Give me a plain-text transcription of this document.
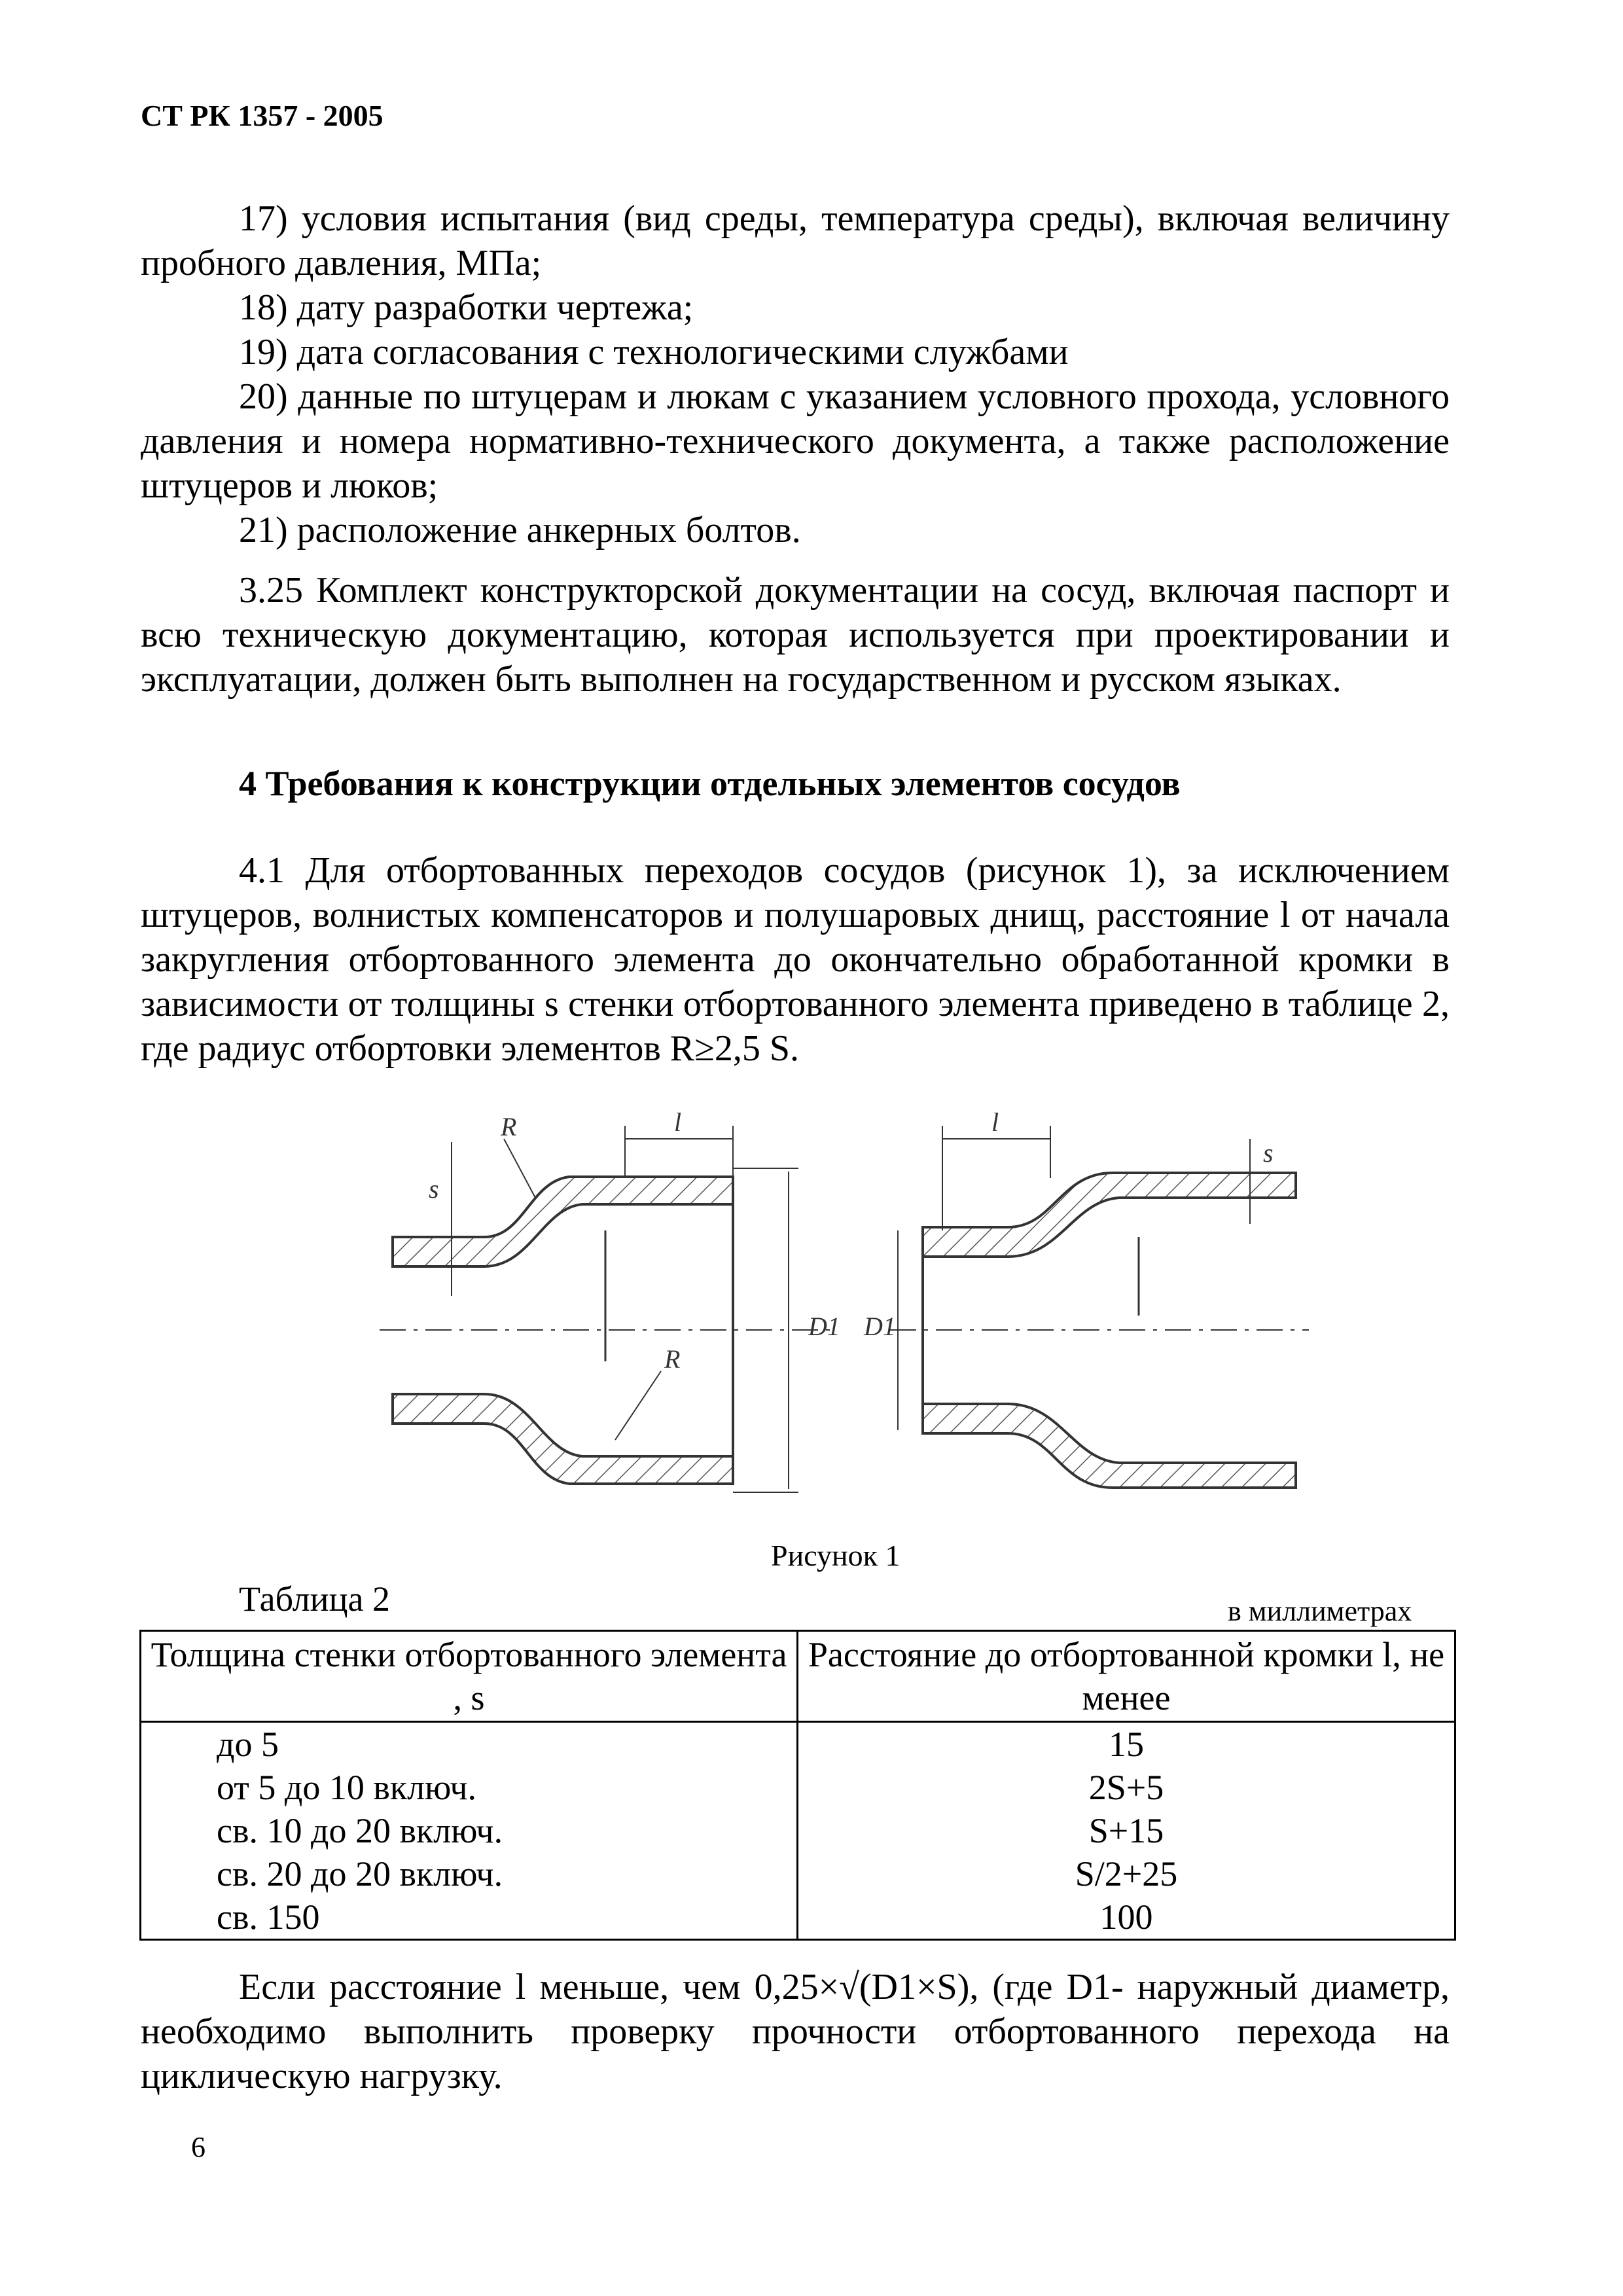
СТ РК 1357 - 2005

17) условия испытания (вид среды, температура среды), включая величину пробного давления, МПа;

18) дату разработки чертежа;
19) дата согласования с технологическими службами

20) данные по штуцерам и люкам с указанием условного прохода, условного давления и номера нормативно-технического документа, а также расположение штуцеров и люков;

21) расположение анкерных болтов.

3.25 Комплект конструкторской документации на сосуд, включая паспорт и всю техническую документацию, которая используется при проектировании и эксплуатации, должен быть выполнен на государственном и русском языках.

4 Требования к конструкции отдельных элементов сосудов

4.1 Для отбортованных переходов сосудов (рисунок 1), за исключением штуцеров, волнистых компенсаторов и полушаровых днищ, расстояние l от начала закругления отбортованного элемента до окончательно обработанной кромки в зависимости от толщины s стенки отбортованного элемента приведено в таблице 2, где радиус отбортовки элементов R≥2,5 S.

l
s
R
R
D1
l
s
D1
Рисунок 1
Таблица 2	в миллиметрах
Толщина стенки отбортованного элемента , s	Расстояние до отбортованной кромки l, не менее
до 5	15
от 5 до 10 включ.	2S+5
св. 10 до 20 включ.	S+15
св. 20 до 20 включ.	S/2+25
св. 150	100

Если расстояние l меньше, чем 0,25×√(D1×S), (где D1- наружный диаметр, необходимо выполнить проверку прочности отбортованного перехода на циклическую нагрузку.

6
